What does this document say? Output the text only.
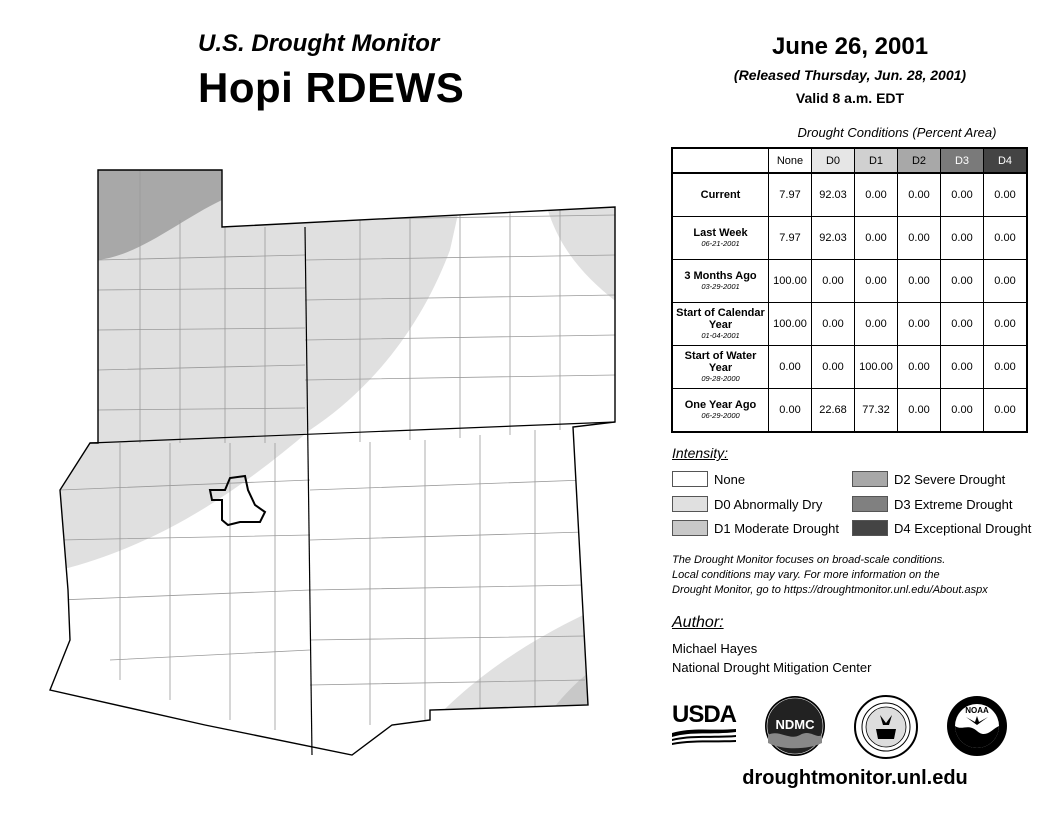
U.S. Drought Monitor
Hopi RDEWS
June 26, 2001
(Released Thursday, Jun. 28, 2001)
Valid 8 a.m. EDT
Drought Conditions (Percent Area)
	None	D0	D1	D2	D3	D4
Current	7.97	92.03	0.00	0.00	0.00	0.00
Last Week
06-21-2001	7.97	92.03	0.00	0.00	0.00	0.00
3 Months Ago
03-29-2001	100.00	0.00	0.00	0.00	0.00	0.00
Start of Calendar Year
01-04-2001	100.00	0.00	0.00	0.00	0.00	0.00
Start of Water Year
09-28-2000	0.00	0.00	100.00	0.00	0.00	0.00
One Year Ago
06-29-2000	0.00	22.68	77.32	0.00	0.00	0.00
Intensity:
None
D0 Abnormally Dry
D1 Moderate Drought
D2 Severe Drought
D3 Extreme Drought
D4 Exceptional Drought
The Drought Monitor focuses on broad-scale conditions.
Local conditions may vary. For more information on the
Drought Monitor, go to https://droughtmonitor.unl.edu/About.aspx
Author:
Michael Hayes
National Drought Mitigation Center
USDA	NDMC
NOAA
droughtmonitor.unl.edu
